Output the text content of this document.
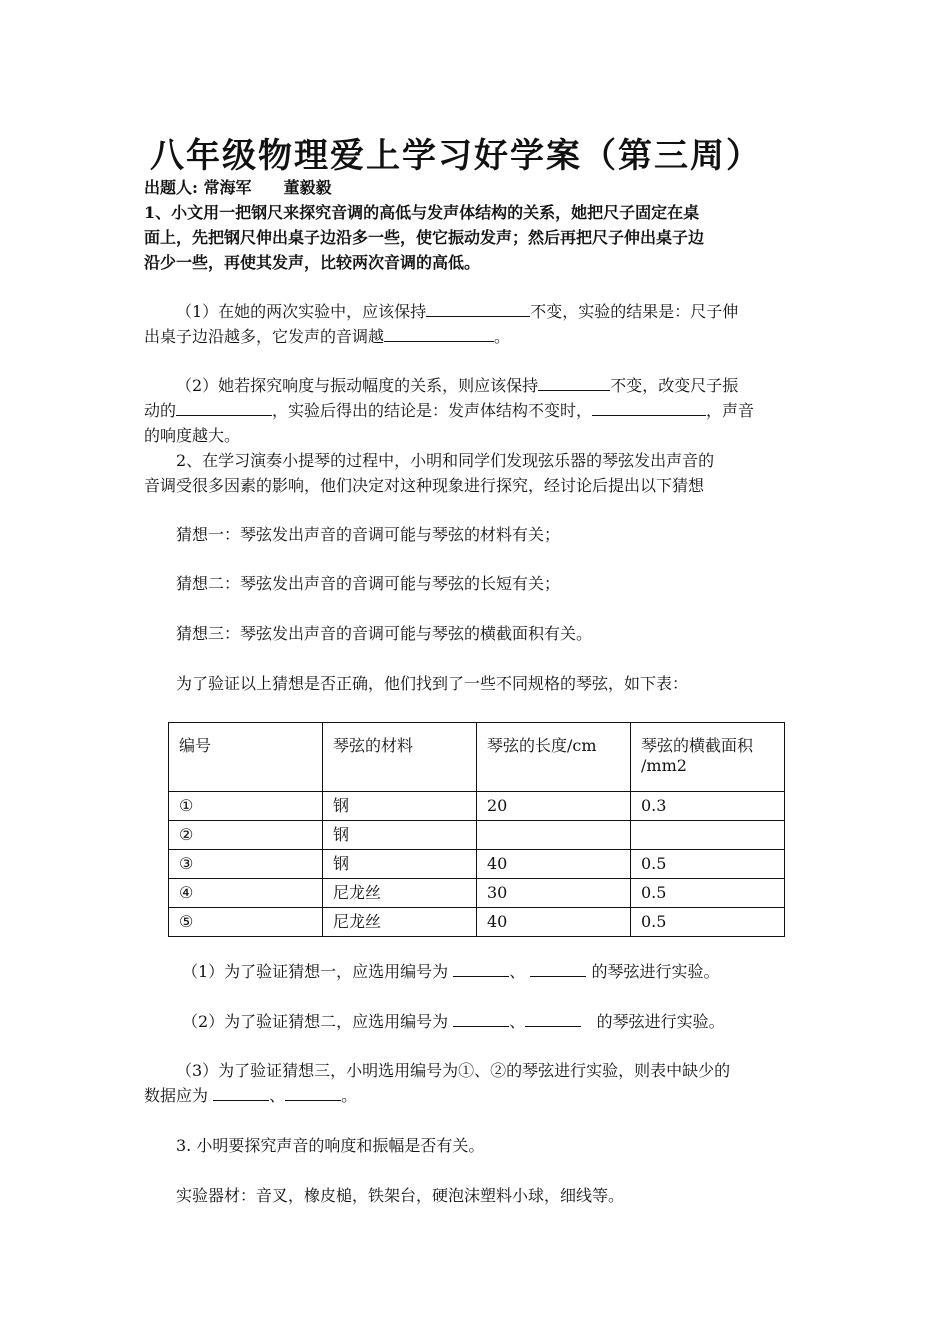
八年级物理爱上学习好学案（第三周）
出题人: 常海军　　董毅毅
1、小文用一把钢尺来探究音调的高低与发声体结构的关系，她把尺子固定在桌
面上，先把钢尺伸出桌子边沿多一些，使它振动发声；然后再把尺子伸出桌子边
沿少一些，再使其发声，比较两次音调的高低。
（1）在她的两次实验中，应该保持	不变，实验的结果是：尺子伸
出桌子边沿越多，它发声的音调越	。
（2）她若探究响度与振动幅度的关系，则应该保持	不变，改变尺子振
动的	，实验后得出的结论是：发声体结构不变时，	，声音
的响度越大。
2、在学习演奏小提琴的过程中，小明和同学们发现弦乐器的琴弦发出声音的
音调受很多因素的影响，他们决定对这种现象进行探究，经讨论后提出以下猜想
猜想一：琴弦发出声音的音调可能与琴弦的材料有关；
猜想二：琴弦发出声音的音调可能与琴弦的长短有关；
猜想三：琴弦发出声音的音调可能与琴弦的横截面积有关。
为了验证以上猜想是否正确，他们找到了一些不同规格的琴弦，如下表：
编号	琴弦的材料	琴弦的长度/cm	琴弦的横截面积
/mm2
①	钢	20	0.3
②	钢		
③	钢	40	0.5
④	尼龙丝	30	0.5
⑤	尼龙丝	40	0.5
（1）为了验证猜想一，应选用编号为	、	的琴弦进行实验。
（2）为了验证猜想二，应选用编号为	、	的琴弦进行实验。
（3）为了验证猜想三，小明选用编号为①、②的琴弦进行实验，则表中缺少的
数据应为	、	。
3. 小明要探究声音的响度和振幅是否有关。
实验器材：音叉，橡皮槌，铁架台，硬泡沫塑料小球，细线等。
